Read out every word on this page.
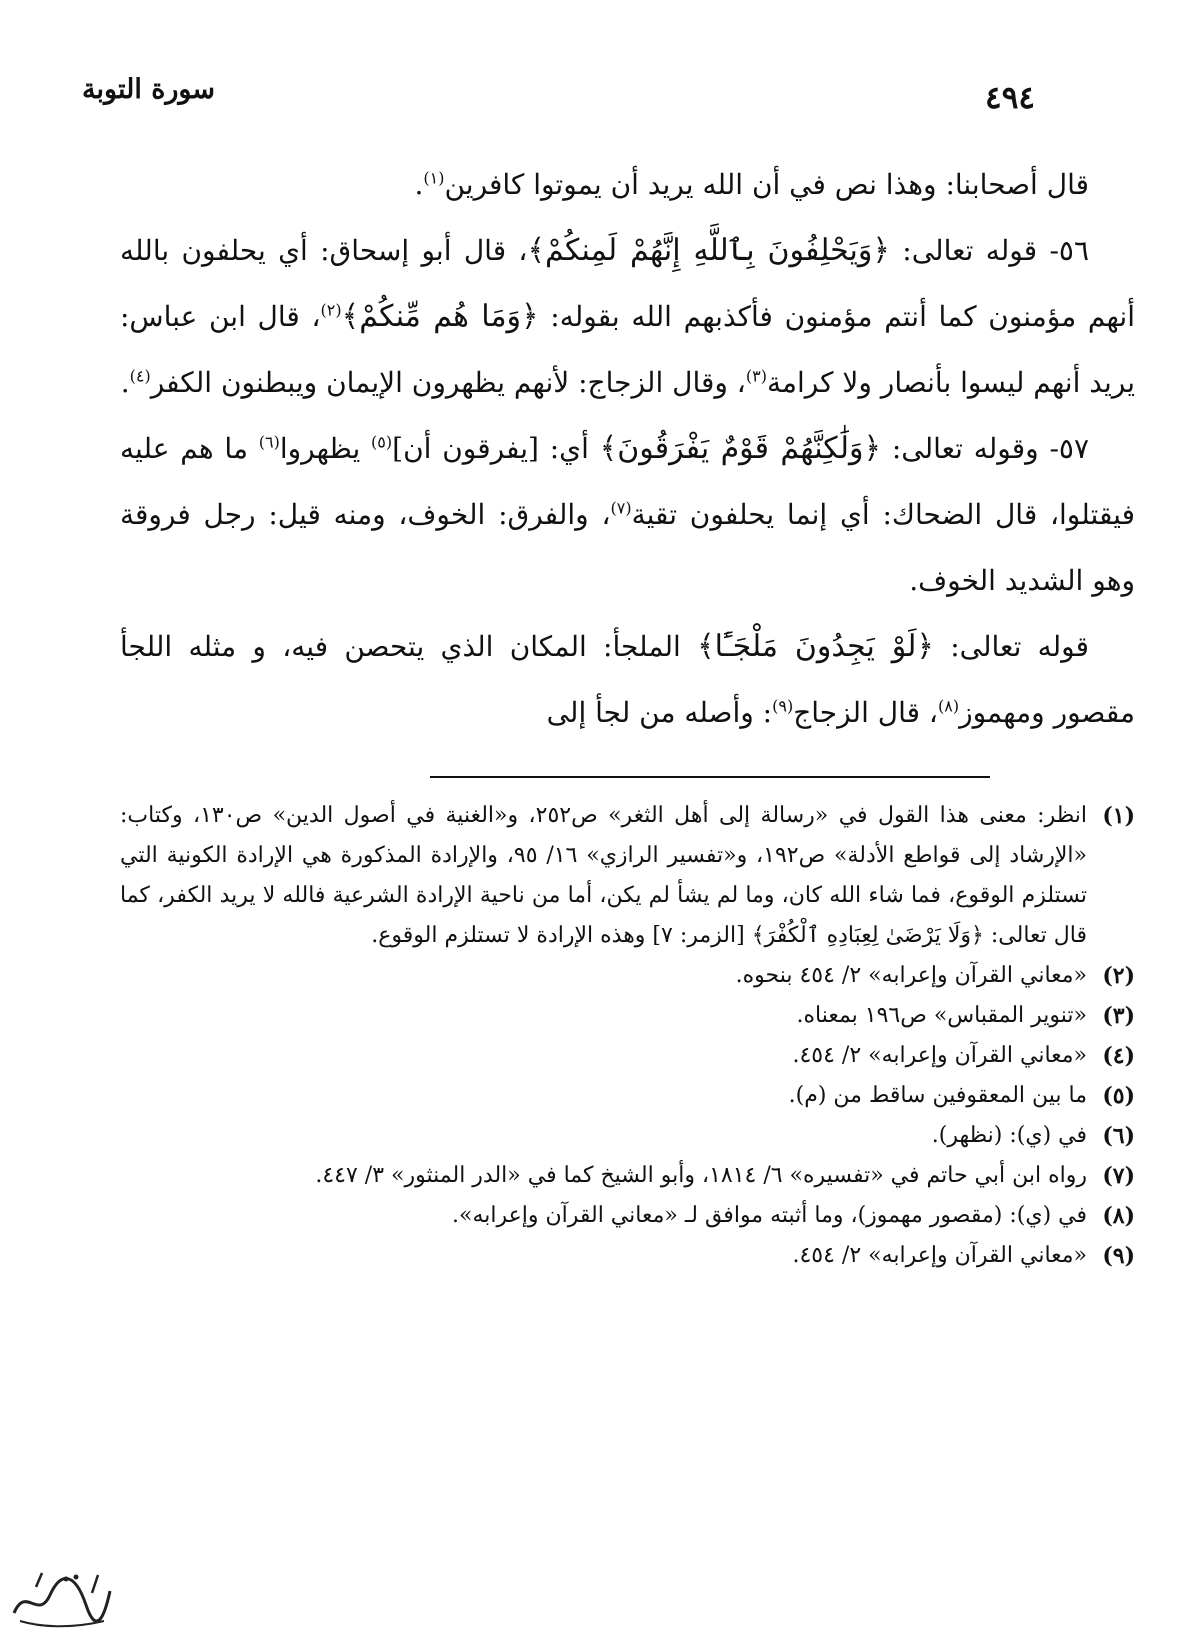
سورة التوبة	٤٩٤

قال أصحابنا: وهذا نص في أن الله يريد أن يموتوا كافرين$^{(١)}$.

٥٦- قوله تعالى: ﴿وَيَحْلِفُونَ بِٱللَّهِ إِنَّهُمْ لَمِنكُمْ﴾، قال أبو إسحاق: أي يحلفون بالله أنهم مؤمنون كما أنتم مؤمنون فأكذبهم الله بقوله: ﴿وَمَا هُم مِّنكُمْ﴾$^{(٢)}$، قال ابن عباس: يريد أنهم ليسوا بأنصار ولا كرامة$^{(٣)}$، وقال الزجاج: لأنهم يظهرون الإيمان ويبطنون الكفر$^{(٤)}$.

٥٧- وقوله تعالى: ﴿وَلَٰكِنَّهُمْ قَوْمٌ يَفْرَقُونَ﴾ أي: [يفرقون أن]$^{(٥)}$ يظهروا$^{(٦)}$ ما هم عليه فيقتلوا، قال الضحاك: أي إنما يحلفون تقية$^{(٧)}$، والفرق: الخوف، ومنه قيل: رجل فروقة وهو الشديد الخوف.

قوله تعالى: ﴿لَوْ يَجِدُونَ مَلْجَـًٔا﴾ الملجأ: المكان الذي يتحصن فيه، و مثله اللجأ مقصور ومهموز$^{(٨)}$، قال الزجاج$^{(٩)}$: وأصله من لجأ إلى

(١)
انظر: معنى هذا القول في «رسالة إلى أهل الثغر» ص٢٥٢، و«الغنية في أصول الدين» ص١٣٠، وكتاب: «الإرشاد إلى قواطع الأدلة» ص١٩٢، و«تفسير الرازي» ١٦/ ٩٥، والإرادة المذكورة هي الإرادة الكونية التي تستلزم الوقوع، فما شاء الله كان، وما لم يشأ لم يكن، أما من ناحية الإرادة الشرعية فالله لا يريد الكفر، كما قال تعالى: ﴿وَلَا يَرْضَىٰ لِعِبَادِهِ ٱلْكُفْرَ﴾ [الزمر: ٧] وهذه الإرادة لا تستلزم الوقوع.
(٢)
«معاني القرآن وإعرابه» ٢/ ٤٥٤ بنحوه.
(٣)
«تنوير المقباس» ص١٩٦ بمعناه.
(٤)
«معاني القرآن وإعرابه» ٢/ ٤٥٤.
(٥)
ما بين المعقوفين ساقط من (م).
(٦)
في (ي): (نظهر).
(٧)
رواه ابن أبي حاتم في «تفسيره» ٦/ ١٨١٤، وأبو الشيخ كما في «الدر المنثور» ٣/ ٤٤٧.
(٨)
في (ي): (مقصور مهموز)، وما أثبته موافق لـ «معاني القرآن وإعرابه».
(٩)
«معاني القرآن وإعرابه» ٢/ ٤٥٤.
